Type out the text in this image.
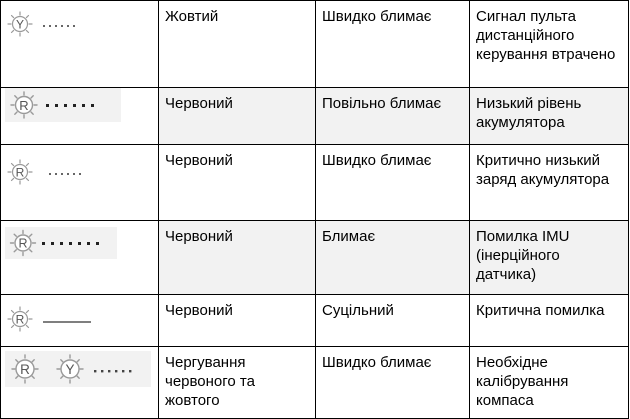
Y	Жовтий	Швидко блимає	Сигнал пульта дистанційного керування втрачено

R	Червоний	Повільно блимає	Низький рівень акумулятора

R	Червоний	Швидко блимає	Критично низький заряд акумулятора

R	Червоний	Блимає	Помилка IMU (інерційного датчика)

R	Червоний	Суцільний	Критична помилка

R Y	Чергування червоного та жовтого	Швидко блимає	Необхідне калібрування компаса
